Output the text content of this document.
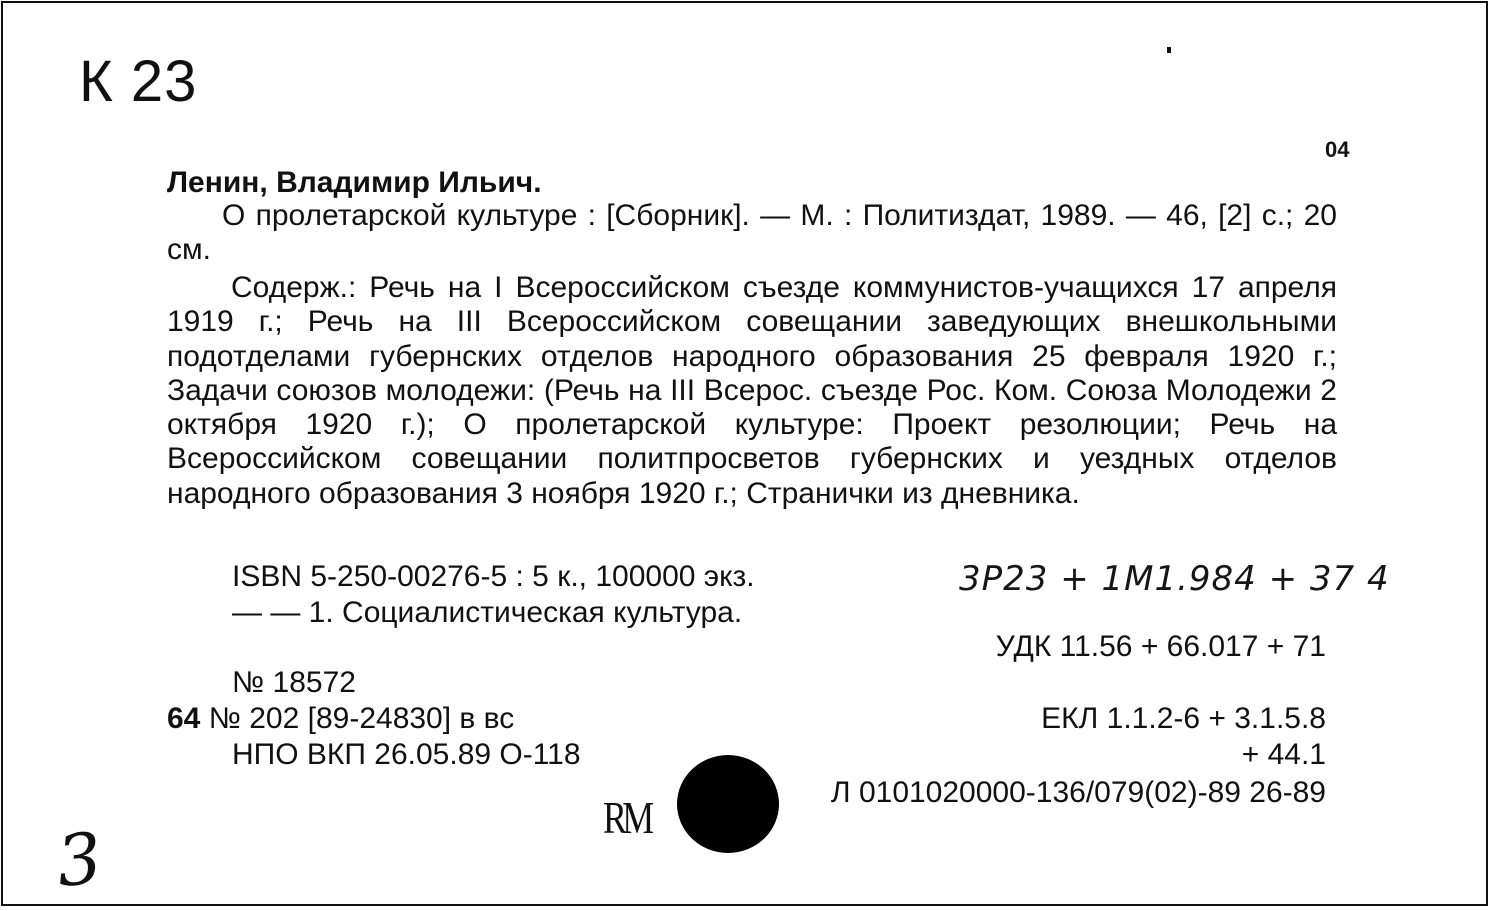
К 23
04
Ленин, Владимир Ильич.
О пролетарской культуре : [Сборник]. — М. : Политиздат, 1989. — 46, [2] с.; 20 см.
Содерж.: Речь на I Всероссийском съезде коммунистов-учащихся 17 апреля 1919 г.; Речь на III Всероссийском совещании заведующих внешкольными подотделами губернских отделов народного образования 25 февраля 1920 г.; Задачи союзов молодежи: (Речь на III Всерос. съезде Рос. Ком. Союза Молодежи 2 октября 1920 г.); О пролетарской культуре: Проект резолюции; Речь на Всероссийском совещании политпросветов губернских и уездных отделов народного образования 3 ноября 1920 г.; Странички из дневника.
ISBN 5-250-00276-5 : 5 к., 100000 экз.	3Р23 + 1М1.984 + 37 4
— — 1. Социалистическая культура.
УДК 11.56 + 66.017 + 71
№ 18572
64 № 202 [89-24830] в вс	ЕКЛ 1.1.2-6 + 3.1.5.8
НПО ВКП 26.05.89 О-118	+ 44.1
RM	Л 0101020000-136/079(02)-89 26-89
3
